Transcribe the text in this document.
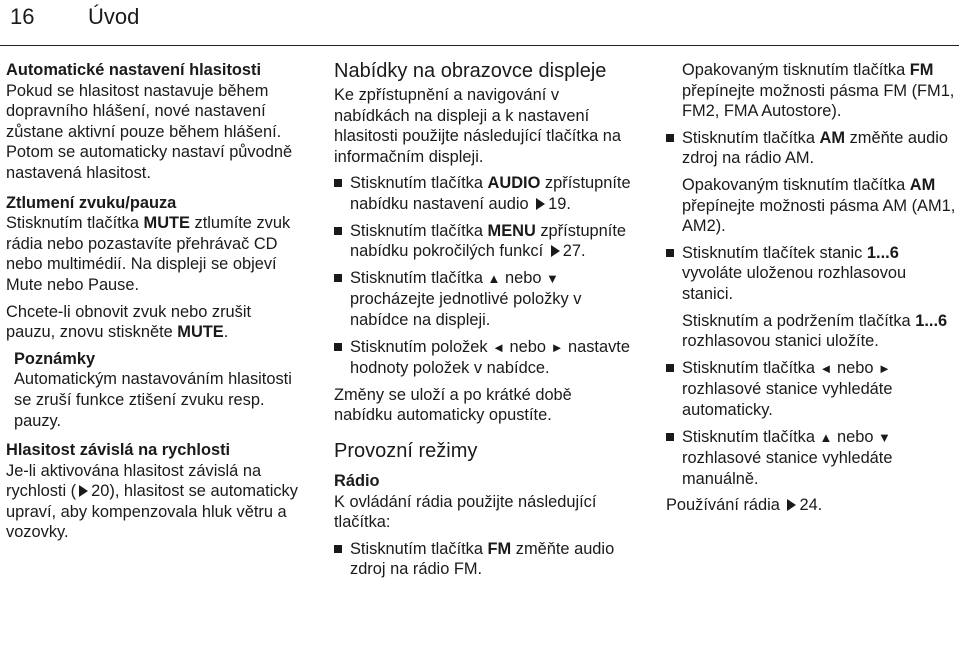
16 Úvod
Automatické nastavení hlasitosti

Pokud se hlasitost nastavuje během dopravního hlášení, nové nastavení zůstane aktivní pouze během hlášení. Potom se automaticky nastaví původně nastavená hlasitost.

Ztlumení zvuku/pauza

Stisknutím tlačítka MUTE ztlumíte zvuk rádia nebo pozastavíte přehrávač CD nebo multimédií. Na displeji se objeví Mute nebo Pause.

Chcete-li obnovit zvuk nebo zrušit pauzu, znovu stiskněte MUTE.

Poznámky

Automatickým nastavováním hlasitosti se zruší funkce ztišení zvuku resp. pauzy.

Hlasitost závislá na rychlosti

Je-li aktivována hlasitost závislá na rychlosti ( 20), hlasitost se automaticky upraví, aby kompenzovala hluk větru a vozovky.

Nabídky na obrazovce displeje

Ke zpřístupnění a navigování v nabídkách na displeji a k nastavení hlasitosti použijte následující tlačítka na informačním displeji.

Stisknutím tlačítka AUDIO zpřístupníte nabídku nastavení audio 19.

Stisknutím tlačítka MENU zpřístupníte nabídku pokročilých funkcí 27.

Stisknutím tlačítka ▲ nebo ▼ procházejte jednotlivé položky v nabídce na displeji.

Stisknutím položek ◄ nebo ► nastavte hodnoty položek v nabídce.

Změny se uloží a po krátké době nabídku automaticky opustíte.

Provozní režimy
Rádio

K ovládání rádia použijte následující tlačítka:

Stisknutím tlačítka FM změňte audio zdroj na rádio FM.

Opakovaným tisknutím tlačítka FM přepínejte možnosti pásma FM (FM1, FM2, FMA Autostore).

Stisknutím tlačítka AM změňte audio zdroj na rádio AM.

Opakovaným tisknutím tlačítka AM přepínejte možnosti pásma AM (AM1, AM2).

Stisknutím tlačítek stanic 1...6 vyvoláte uloženou rozhlasovou stanici.

Stisknutím a podržením tlačítka 1...6 rozhlasovou stanici uložíte.

Stisknutím tlačítka ◄ nebo ► rozhlasové stanice vyhledáte automaticky.

Stisknutím tlačítka ▲ nebo ▼ rozhlasové stanice vyhledáte manuálně.

Používání rádia 24.
